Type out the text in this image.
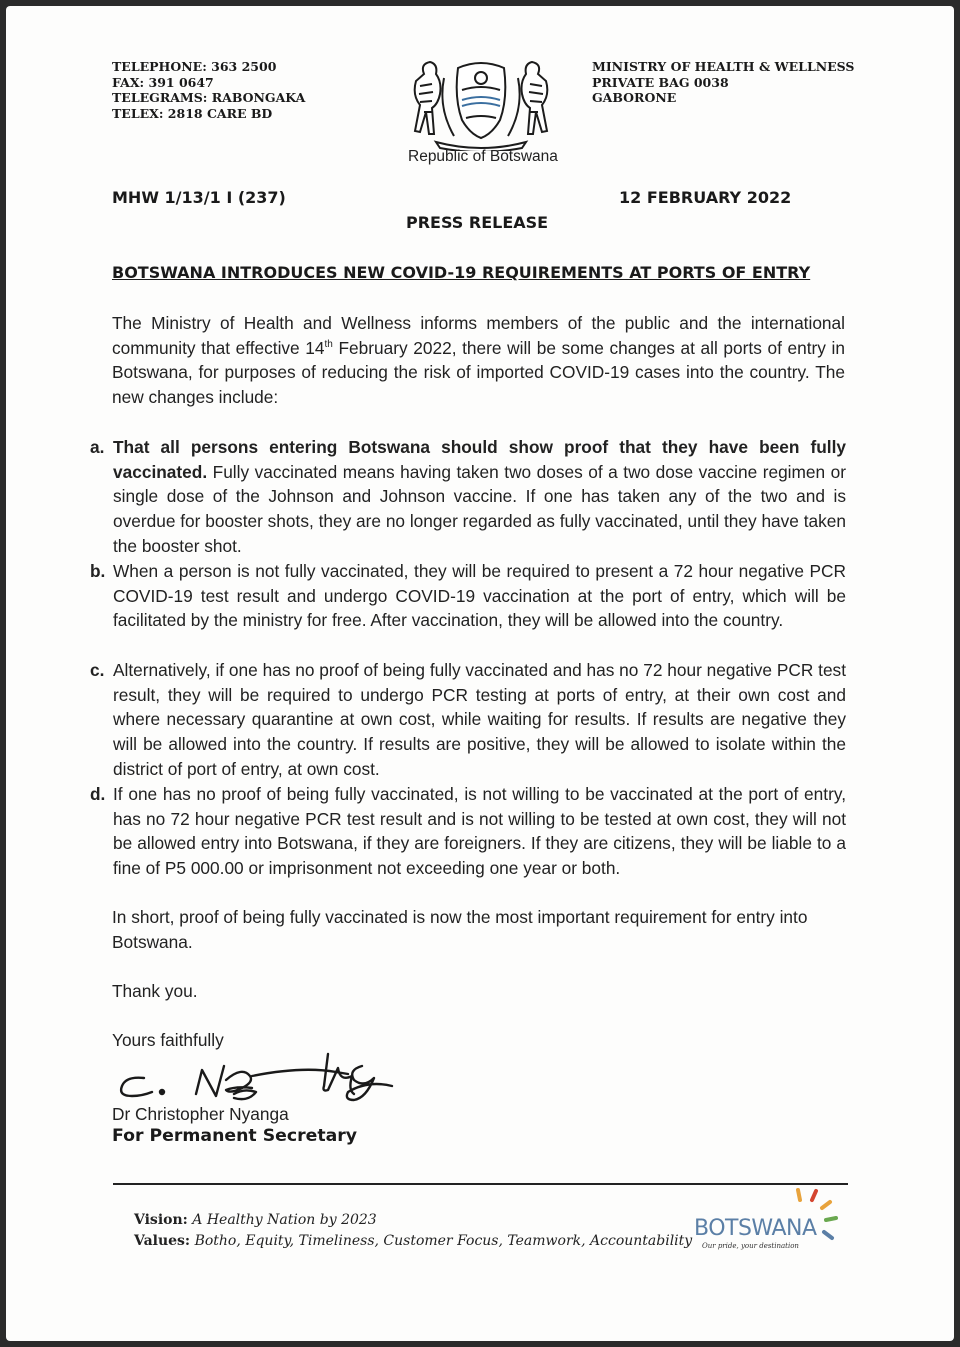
TELEPHONE: 363 2500
FAX: 391 0647
TELEGRAMS: RABONGAKA
TELEX: 2818 CARE BD
Republic of Botswana
MINISTRY OF HEALTH & WELLNESS
PRIVATE BAG 0038
GABORONE
MHW 1/13/1 I (237)	12 FEBRUARY 2022
PRESS RELEASE
BOTSWANA INTRODUCES NEW COVID-19 REQUIREMENTS AT PORTS OF ENTRY

The Ministry of Health and Wellness informs members of the public and the international community that effective 14th February 2022, there will be some changes at all ports of entry in Botswana, for purposes of reducing the risk of imported COVID-19 cases into the country. The new changes include:

a. That all persons entering Botswana should show proof that they have been fully vaccinated. Fully vaccinated means having taken two doses of a two dose vaccine regimen or single dose of the Johnson and Johnson vaccine. If one has taken any of the two and is overdue for booster shots, they are no longer regarded as fully vaccinated, until they have taken the booster shot.
b. When a person is not fully vaccinated, they will be required to present a 72 hour negative PCR COVID-19 test result and undergo COVID-19 vaccination at the port of entry, which will be facilitated by the ministry for free. After vaccination, they will be allowed into the country.
c. Alternatively, if one has no proof of being fully vaccinated and has no 72 hour negative PCR test result, they will be required to undergo PCR testing at ports of entry, at their own cost and where necessary quarantine at own cost, while waiting for results. If results are negative they will be allowed into the country. If results are positive, they will be allowed to isolate within the district of port of entry, at own cost.
d. If one has no proof of being fully vaccinated, is not willing to be vaccinated at the port of entry, has no 72 hour negative PCR test result and is not willing to be tested at own cost, they will not be allowed entry into Botswana, if they are foreigners. If they are citizens, they will be liable to a fine of P5 000.00 or imprisonment not exceeding one year or both.

In short, proof of being fully vaccinated is now the most important requirement for entry into Botswana.

Thank you.
Yours faithfully
Dr Christopher Nyanga
For Permanent Secretary
Vision: A Healthy Nation by 2023
Values: Botho, Equity, Timeliness, Customer Focus, Teamwork, Accountability BOTSWANA
Our pride, your destination
